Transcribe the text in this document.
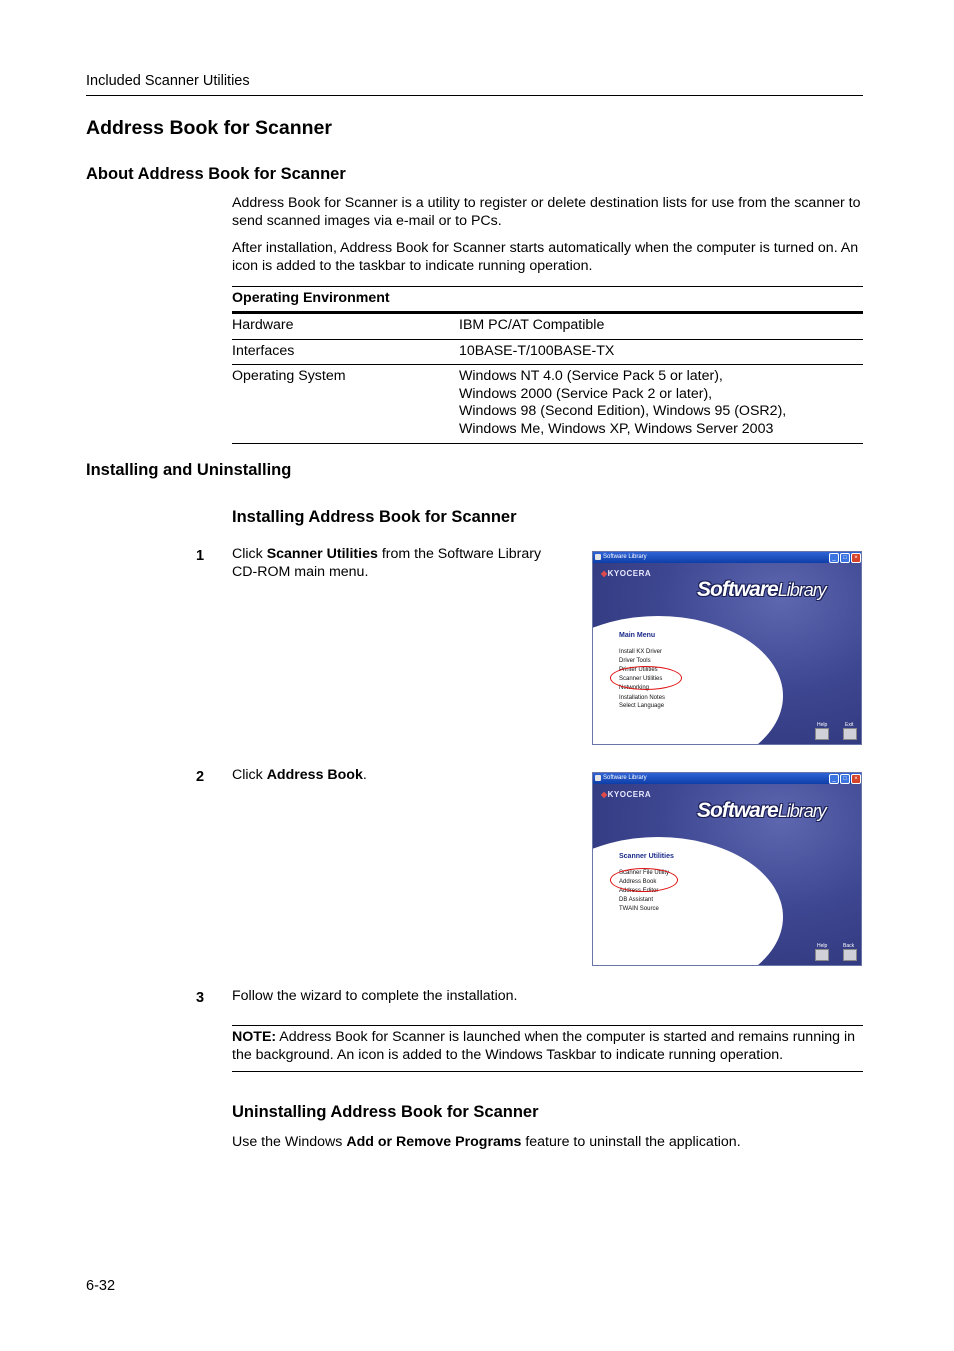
Included Scanner Utilities
Address Book for Scanner
About Address Book for Scanner

Address Book for Scanner is a utility to register or delete destination lists for use from the scanner to send scanned images via e-mail or to PCs.

After installation, Address Book for Scanner starts automatically when the computer is turned on. An icon is added to the taskbar to indicate running operation.

Operating Environment
Hardware	IBM PC/AT Compatible
Interfaces	10BASE-T/100BASE-TX
Operating System	Windows NT 4.0 (Service Pack 5 or later),
Windows 2000 (Service Pack 2 or later),
Windows 98 (Second Edition), Windows 95 (OSR2),
Windows Me, Windows XP, Windows Server 2003
Installing and Uninstalling
Installing Address Book for Scanner
1 Click Scanner Utilities from the Software Library CD-ROM main menu.
Software Library	_	□	×
◆KYOCERA
SoftwareLibrary
Main Menu
Install KX Driver
Driver Tools
Printer Utilities
Scanner Utilities
Networking
Installation Notes
Select Language
Help	Exit
2 Click Address Book.	Software Library	_	□	×
◆KYOCERA
SoftwareLibrary
Scanner Utilities
Scanner File Utility
Address Book
Address Editor
DB Assistant
TWAIN Source
Help	Back
3 Follow the wizard to complete the installation.

NOTE: Address Book for Scanner is launched when the computer is started and remains running in the background. An icon is added to the Windows Taskbar to indicate running operation.

Uninstalling Address Book for Scanner

Use the Windows Add or Remove Programs feature to uninstall the application.

6-32
